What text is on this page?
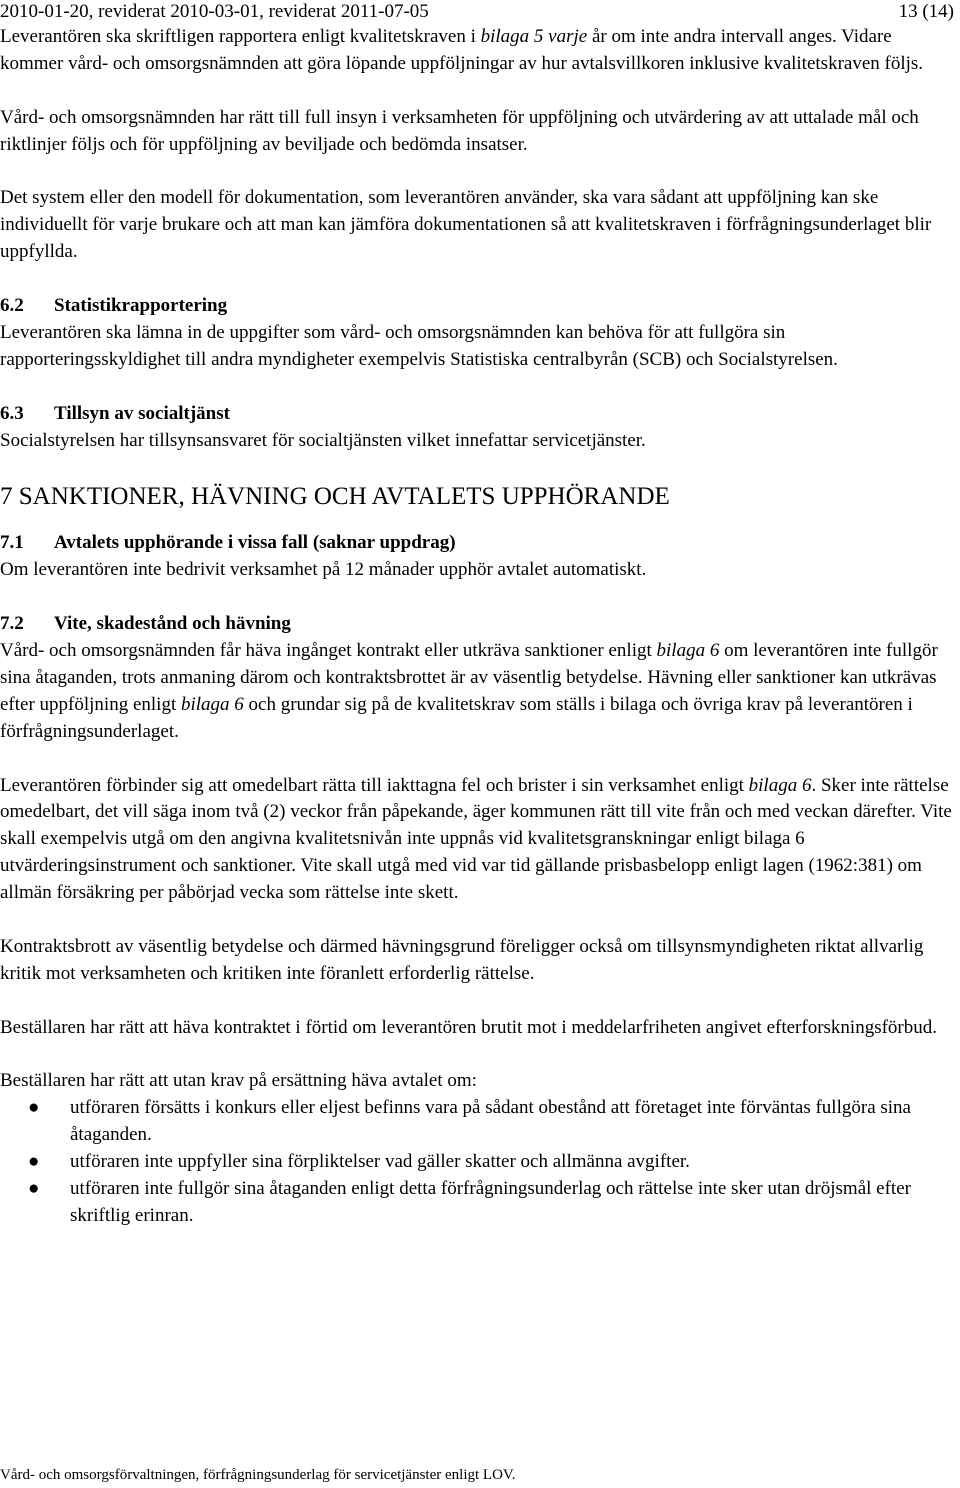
2010-01-20, reviderat 2010-03-01, reviderat 2011-07-05	13 (14)

Leverantören ska skriftligen rapportera enligt kvalitetskraven i bilaga 5 varje år om inte andra intervall anges. Vidare kommer vård- och omsorgsnämnden att göra löpande uppföljningar av hur avtalsvillkoren inklusive kvalitetskraven följs.

Vård- och omsorgsnämnden har rätt till full insyn i verksamheten för uppföljning och utvärdering av att uttalade mål och riktlinjer följs och för uppföljning av beviljade och bedömda insatser.

Det system eller den modell för dokumentation, som leverantören använder, ska vara sådant att uppföljning kan ske individuellt för varje brukare och att man kan jämföra dokumentationen så att kvalitetskraven i förfrågningsunderlaget blir uppfyllda.

6.2 Statistikrapportering

Leverantören ska lämna in de uppgifter som vård- och omsorgsnämnden kan behöva för att fullgöra sin rapporteringsskyldighet till andra myndigheter exempelvis Statistiska centralbyrån (SCB) och Socialstyrelsen.

6.3 Tillsyn av socialtjänst

Socialstyrelsen har tillsynsansvaret för socialtjänsten vilket innefattar servicetjänster.

7 SANKTIONER, HÄVNING OCH AVTALETS UPPHÖRANDE
7.1 Avtalets upphörande i vissa fall (saknar uppdrag)

Om leverantören inte bedrivit verksamhet på 12 månader upphör avtalet automatiskt.

7.2 Vite, skadestånd och hävning

Vård- och omsorgsnämnden får häva ingånget kontrakt eller utkräva sanktioner enligt bilaga 6 om leverantören inte fullgör sina åtaganden, trots anmaning därom och kontraktsbrottet är av väsentlig betydelse. Hävning eller sanktioner kan utkrävas efter uppföljning enligt bilaga 6 och grundar sig på de kvalitetskrav som ställs i bilaga och övriga krav på leverantören i förfrågningsunderlaget.

Leverantören förbinder sig att omedelbart rätta till iakttagna fel och brister i sin verksamhet enligt bilaga 6. Sker inte rättelse omedelbart, det vill säga inom två (2) veckor från påpekande, äger kommunen rätt till vite från och med veckan därefter. Vite skall exempelvis utgå om den angivna kvalitetsnivån inte uppnås vid kvalitetsgranskningar enligt bilaga 6 utvärderingsinstrument och sanktioner. Vite skall utgå med vid var tid gällande prisbasbelopp enligt lagen (1962:381) om allmän försäkring per påbörjad vecka som rättelse inte skett.

Kontraktsbrott av väsentlig betydelse och därmed hävningsgrund föreligger också om tillsynsmyndigheten riktat allvarlig kritik mot verksamheten och kritiken inte föranlett erforderlig rättelse.

Beställaren har rätt att häva kontraktet i förtid om leverantören brutit mot i meddelarfriheten angivet efterforskningsförbud.

Beställaren har rätt att utan krav på ersättning häva avtalet om:

● utföraren försätts i konkurs eller eljest befinns vara på sådant obestånd att företaget inte förväntas fullgöra sina åtaganden.
● utföraren inte uppfyller sina förpliktelser vad gäller skatter och allmänna avgifter.
● utföraren inte fullgör sina åtaganden enligt detta förfrågningsunderlag och rättelse inte sker utan dröjsmål efter skriftlig erinran.
Vård- och omsorgsförvaltningen, förfrågningsunderlag för servicetjänster enligt LOV.
